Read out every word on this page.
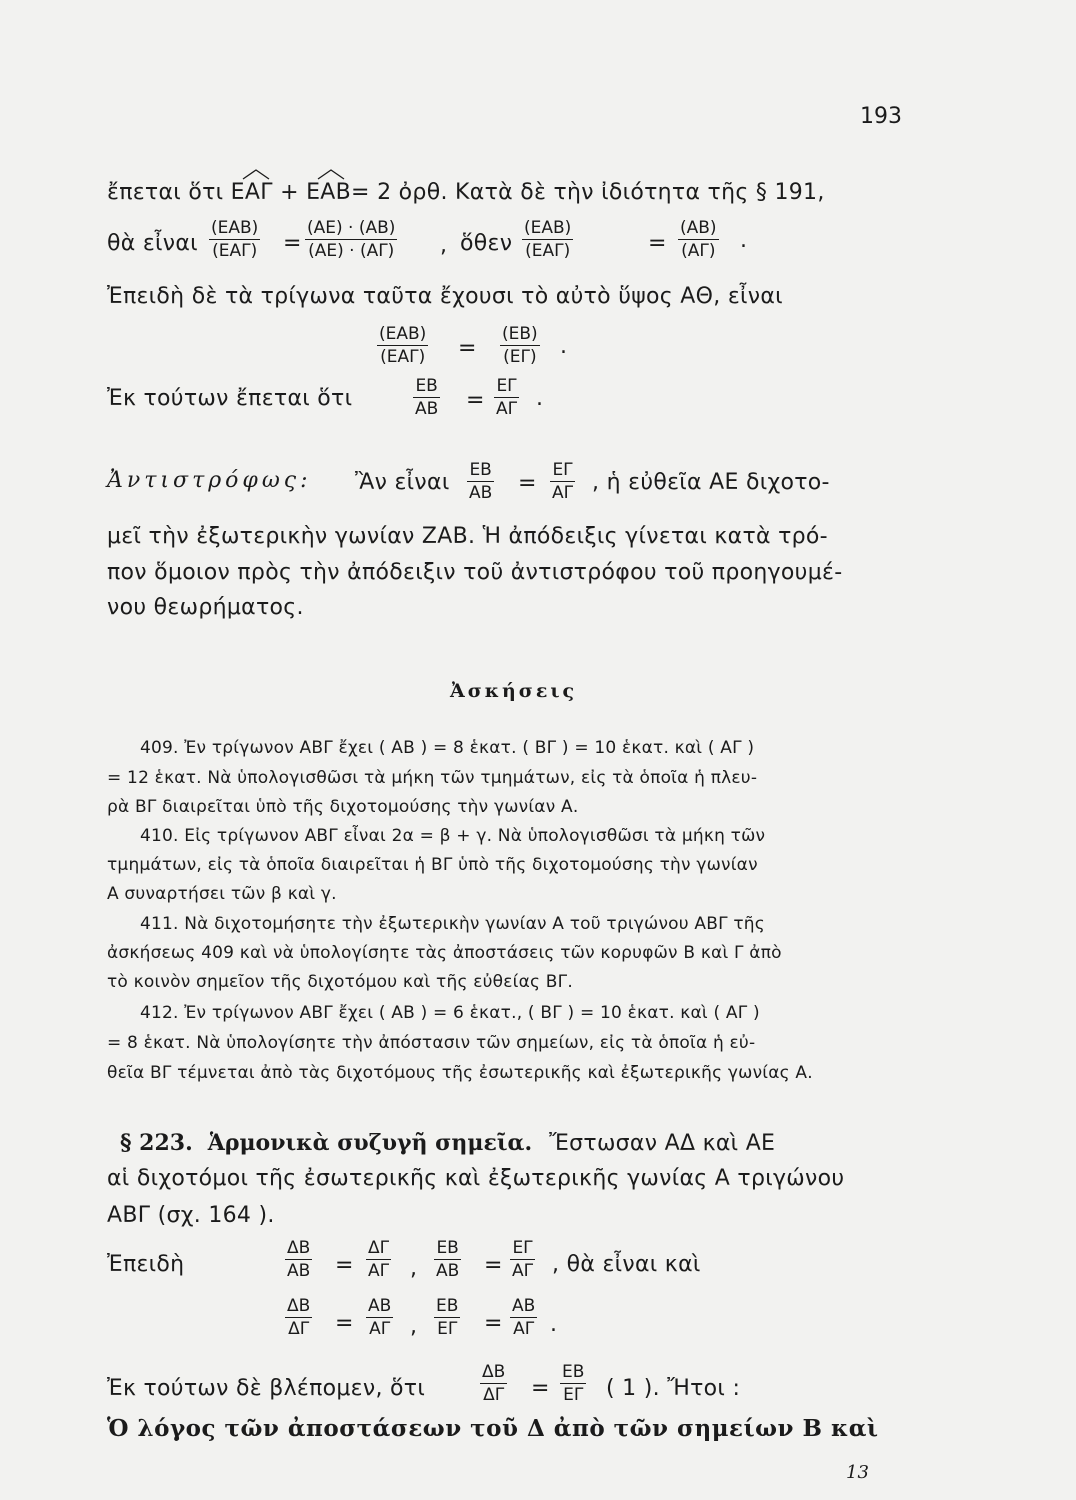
193
ἔπεται ὅτι
ΕΑΓ + ΕΑΒ= 2 ὀρθ. Κατὰ δὲ τὴν ἰδιότητα τῆς § 191,
θὰ εἶναι
(ΕΑΒ)
$(EA\Gamma) = \frac{(AE) \cdot (AB)}{(AE) \cdot (A\Gamma)}$ , ὅθεν
(ΕΑΒ)
(ΕΑΓ)	= $\frac{(AB)}{(A\Gamma)}$ .
Ἐπειδὴ δὲ τὰ τρίγωνα ταῦτα ἔχουσι τὸ αὐτὸ ὕψος ΑΘ, εἶναι
(ΕΑΒ)
$(EA\Gamma) = \frac{(EB)}{(E\Gamma)}$ .
Ἐκ τούτων ἔπεται ὅτι	$\frac{EB}{AB} = \frac{E\Gamma}{A\Gamma}$ .
Ἀντιστρόφως: Ἂν εἶναι $\frac{EB}{AB} = \frac{E\Gamma}{A\Gamma}$ , ἡ εὐθεῖα ΑΕ διχοτο-
μεῖ τὴν ἐξωτερικὴν γωνίαν ΖΑΒ. Ἡ ἀπόδειξις γίνεται κατὰ τρό-
πον ὅμοιον πρὸς τὴν ἀπόδειξιν τοῦ ἀντιστρόφου τοῦ προηγουμέ-
νου θεωρήματος.
Ἀσκήσεις
409. Ἐν τρίγωνον ΑΒΓ ἔχει ( ΑΒ ) = 8 ἑκατ. ( ΒΓ ) = 10 ἑκατ. καὶ ( ΑΓ )
= 12 ἑκατ. Νὰ ὑπολογισθῶσι τὰ μήκη τῶν τμημάτων, εἰς τὰ ὁποῖα ἡ πλευ-
ρὰ ΒΓ διαιρεῖται ὑπὸ τῆς διχοτομούσης τὴν γωνίαν Α.
410. Εἰς τρίγωνον ΑΒΓ εἶναι 2α = β + γ. Νὰ ὑπολογισθῶσι τὰ μήκη τῶν
τμημάτων, εἰς τὰ ὁποῖα διαιρεῖται ἡ ΒΓ ὑπὸ τῆς διχοτομούσης τὴν γωνίαν
Α συναρτήσει τῶν β καὶ γ.
411. Νὰ διχοτομήσητε τὴν ἐξωτερικὴν γωνίαν Α τοῦ τριγώνου ΑΒΓ τῆς
ἀσκήσεως 409 καὶ νὰ ὑπολογίσητε τὰς ἀποστάσεις τῶν κορυφῶν Β καὶ Γ ἀπὸ
τὸ κοινὸν σημεῖον τῆς διχοτόμου καὶ τῆς εὐθείας ΒΓ.
412. Ἐν τρίγωνον ΑΒΓ ἔχει ( ΑΒ ) = 6 ἑκατ., ( ΒΓ ) = 10 ἑκατ. καὶ ( ΑΓ )
= 8 ἑκατ. Νὰ ὑπολογίσητε τὴν ἀπόστασιν τῶν σημείων, εἰς τὰ ὁποῖα ἡ εὐ-
θεῖα ΒΓ τέμνεται ἀπὸ τὰς διχοτόμους τῆς ἐσωτερικῆς καὶ ἐξωτερικῆς γωνίας Α.
§ 223. Ἁρμονικὰ συζυγῆ σημεῖα. Ἔστωσαν ΑΔ καὶ ΑΕ
αἱ διχοτόμοι τῆς ἐσωτερικῆς καὶ ἐξωτερικῆς γωνίας Α τριγώνου
ΑΒΓ (σχ. 164 ).
Ἐπειδὴ	$\frac{\Delta B}{AB} = \frac{\Delta\Gamma}{A\Gamma}$ , $\frac{EB}{AB} = \frac{E\Gamma}{A\Gamma}$ , θὰ εἶναι καὶ
$\frac{\Delta B}{\Delta\Gamma} = \frac{AB}{A\Gamma}$ , $\frac{EB}{E\Gamma} = \frac{AB}{A\Gamma}$ .
Ἐκ τούτων δὲ βλέπομεν, ὅτι	$\frac{\Delta B}{\Delta\Gamma} = \frac{EB}{E\Gamma}$ ( 1 ). Ἤτοι :
Ὁ λόγος τῶν ἀποστάσεων τοῦ Δ ἀπὸ τῶν σημείων Β καὶ
13
